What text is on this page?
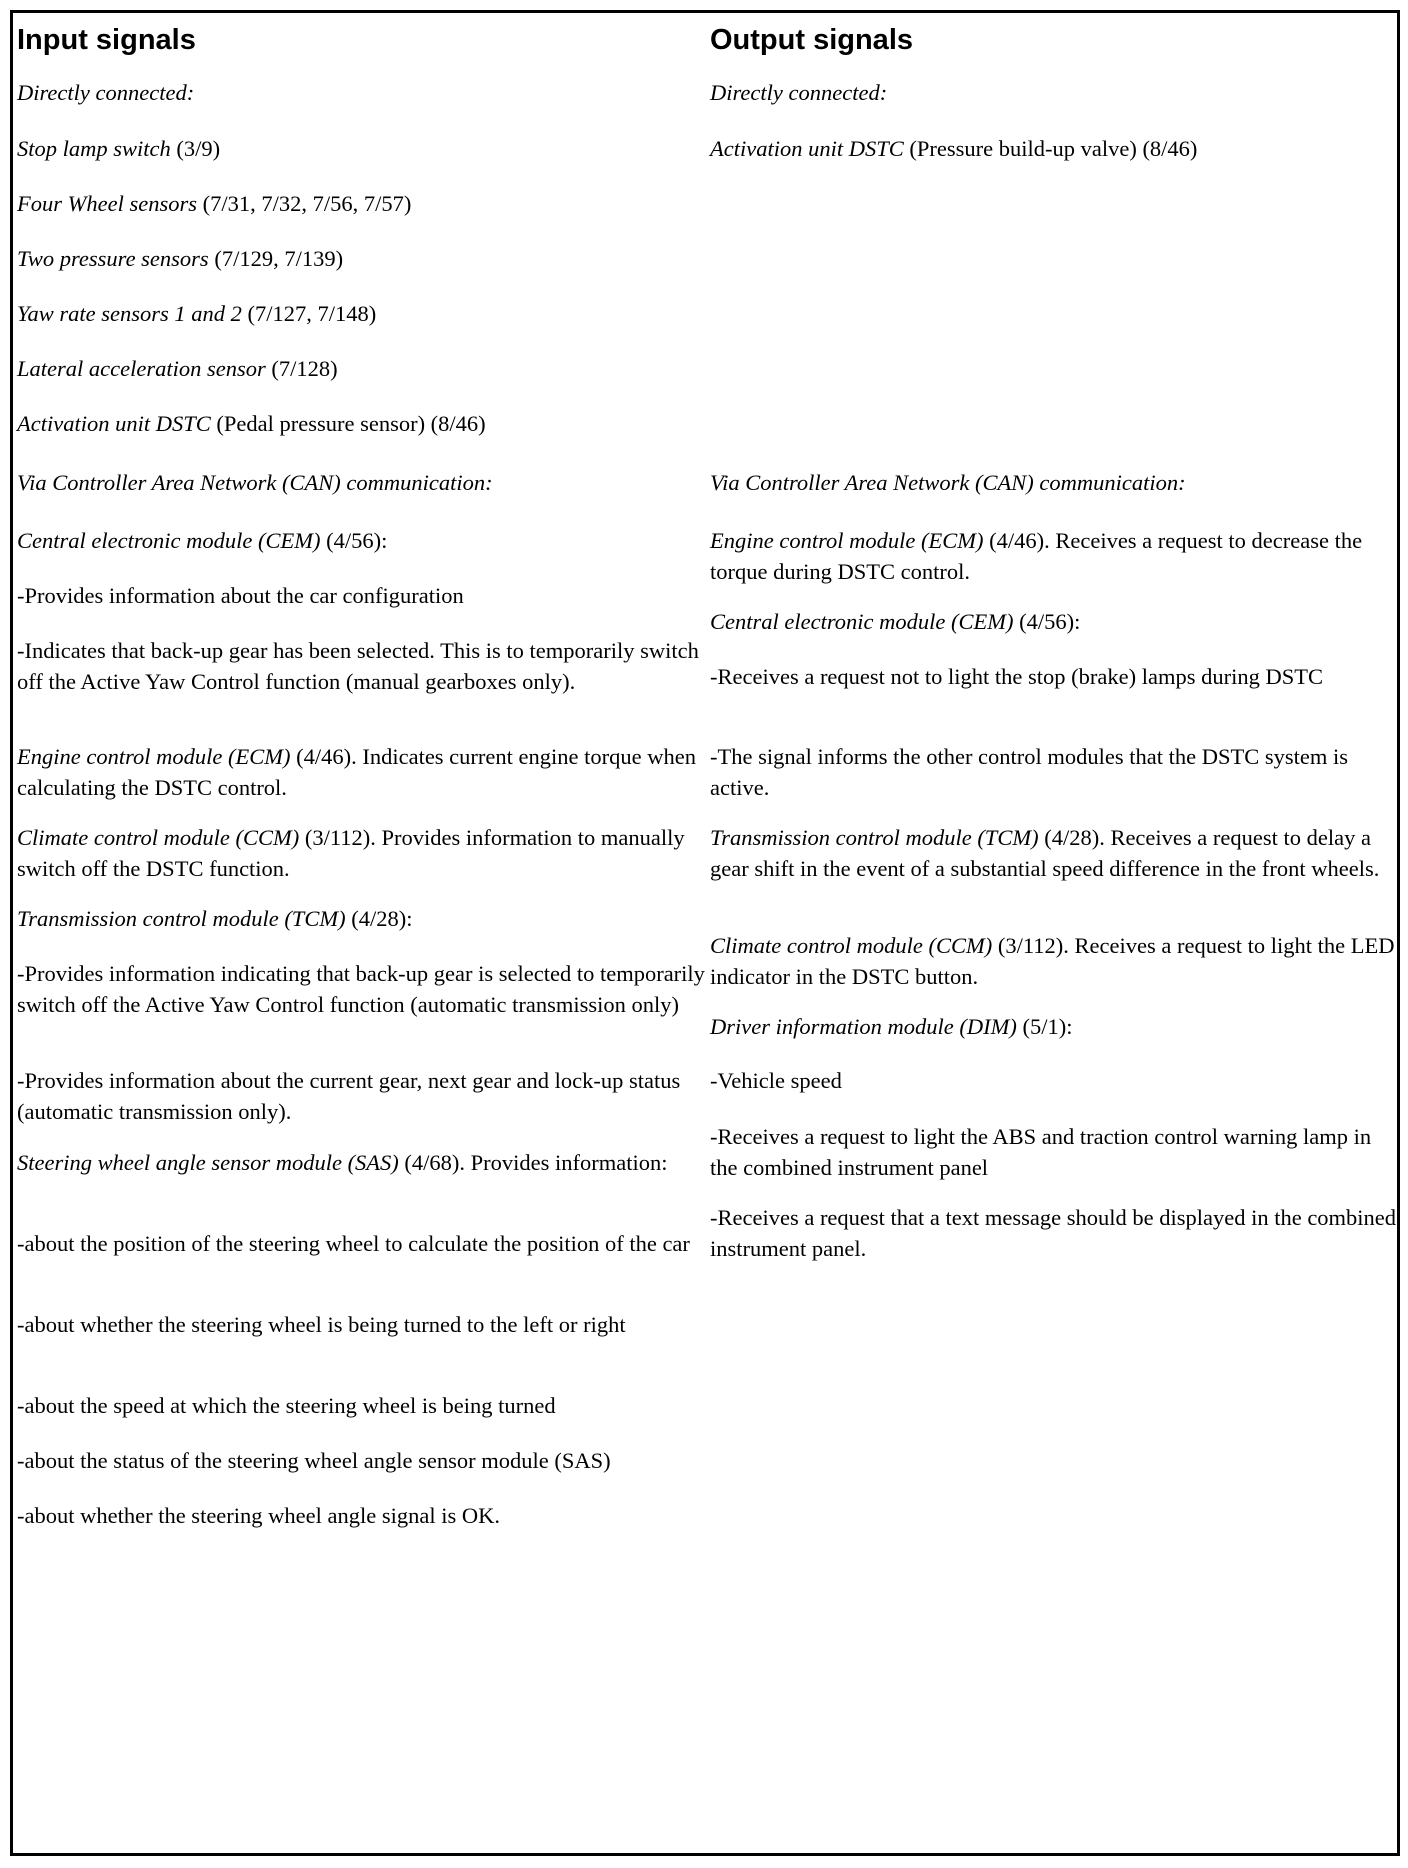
Input signals
Directly connected:
Stop lamp switch (3/9)
Four Wheel sensors (7/31, 7/32, 7/56, 7/57)
Two pressure sensors (7/129, 7/139)
Yaw rate sensors 1 and 2 (7/127, 7/148)
Lateral acceleration sensor (7/128)
Activation unit DSTC (Pedal pressure sensor) (8/46)
Via Controller Area Network (CAN) communication:
Central electronic module (CEM) (4/56):
-Provides information about the car configuration
-Indicates that back-up gear has been selected. This is to temporarily switch off the Active Yaw Control function (manual gearboxes only).
Engine control module (ECM) (4/46). Indicates current engine torque when calculating the DSTC control.
Climate control module (CCM) (3/112). Provides information to manually switch off the DSTC function.
Transmission control module (TCM) (4/28):
-Provides information indicating that back-up gear is selected to temporarily switch off the Active Yaw Control function (automatic transmission only)
-Provides information about the current gear, next gear and lock-up status (automatic transmission only).
Steering wheel angle sensor module (SAS) (4/68). Provides information:
-about the position of the steering wheel to calculate the position of the car
-about whether the steering wheel is being turned to the left or right
-about the speed at which the steering wheel is being turned
-about the status of the steering wheel angle sensor module (SAS)
-about whether the steering wheel angle signal is OK.
Output signals
Directly connected:
Activation unit DSTC (Pressure build-up valve) (8/46)
Via Controller Area Network (CAN) communication:
Engine control module (ECM) (4/46). Receives a request to decrease the torque during DSTC control.
Central electronic module (CEM) (4/56):
-Receives a request not to light the stop (brake) lamps during DSTC
-The signal informs the other control modules that the DSTC system is active.
Transmission control module (TCM) (4/28). Receives a request to delay a gear shift in the event of a substantial speed difference in the front wheels.
Climate control module (CCM) (3/112). Receives a request to light the LED indicator in the DSTC button.
Driver information module (DIM) (5/1):
-Vehicle speed
-Receives a request to light the ABS and traction control warning lamp in the combined instrument panel
-Receives a request that a text message should be displayed in the combined instrument panel.
